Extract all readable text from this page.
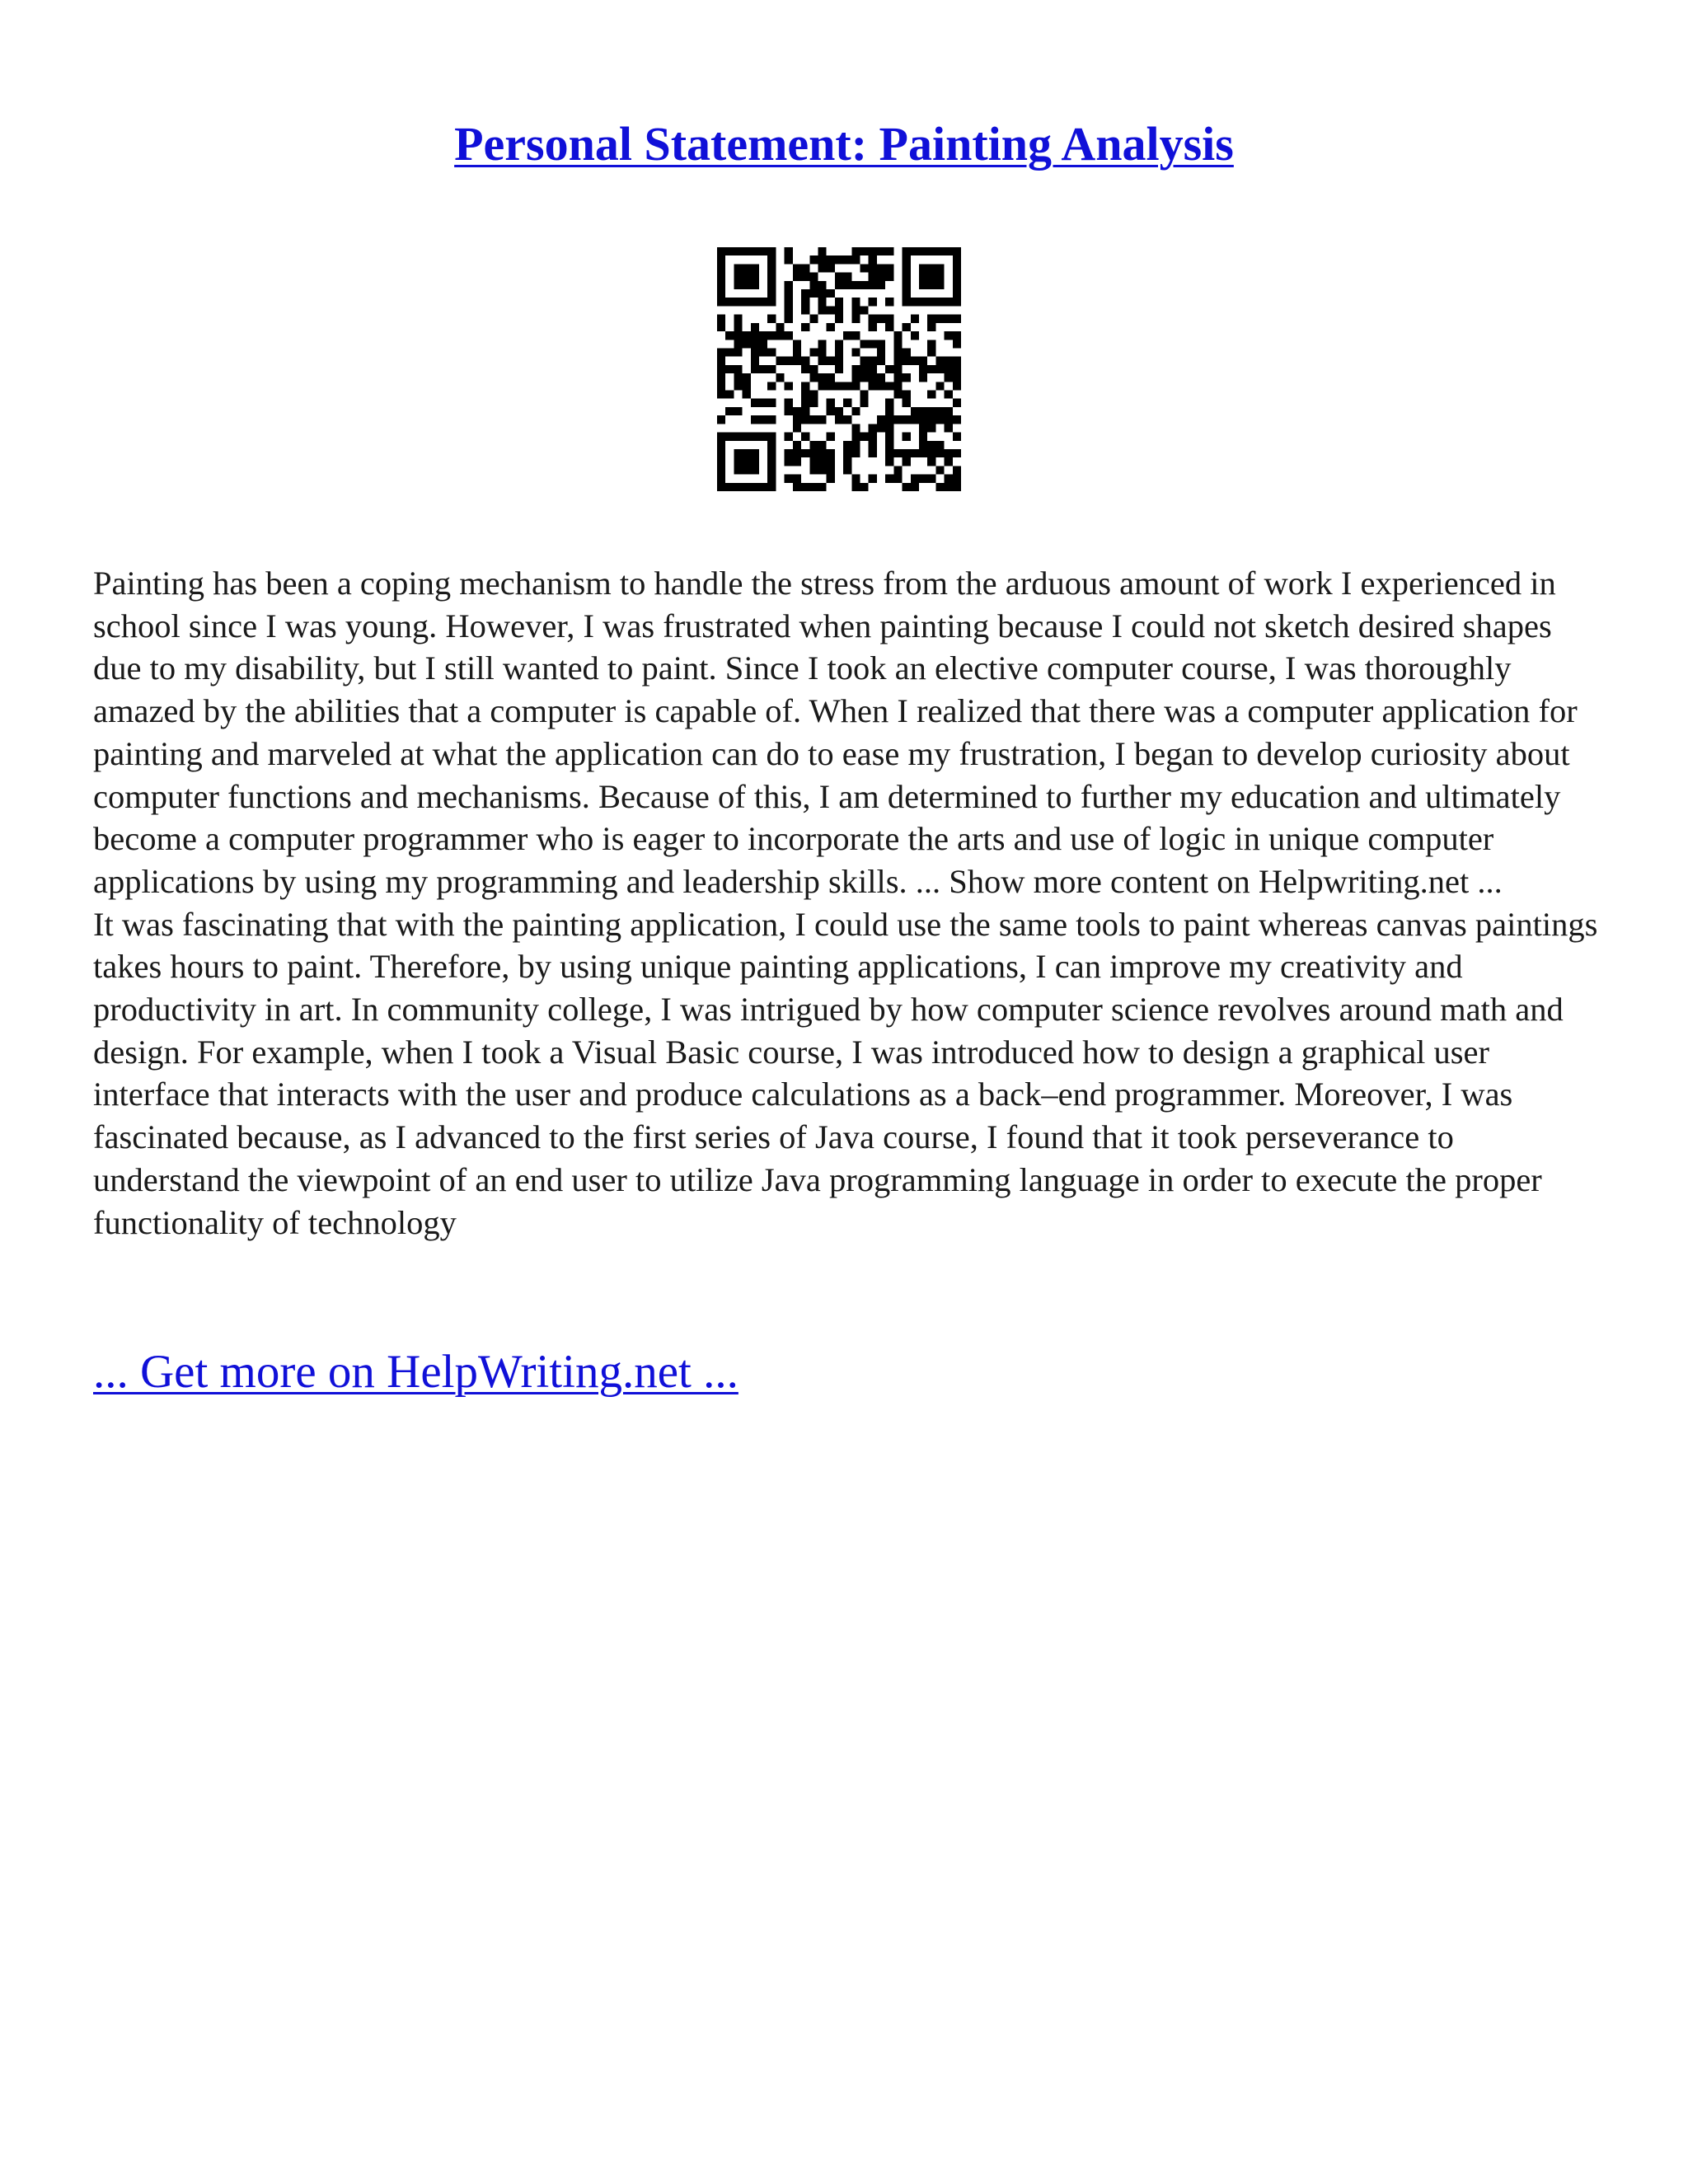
Personal Statement: Painting Analysis

Painting has been a coping mechanism to handle the stress from the arduous amount of work I experienced in school since I was young. However, I was frustrated when painting because I could not sketch desired shapes due to my disability, but I still wanted to paint. Since I took an elective computer course, I was thoroughly amazed by the abilities that a computer is capable of. When I realized that there was a computer application for painting and marveled at what the application can do to ease my frustration, I began to develop curiosity about computer functions and mechanisms. Because of this, I am determined to further my education and ultimately become a computer programmer who is eager to incorporate the arts and use of logic in unique computer applications by using my programming and leadership skills. ... Show more content on Helpwriting.net ...

It was fascinating that with the painting application, I could use the same tools to paint whereas canvas paintings takes hours to paint. Therefore, by using unique painting applications, I can improve my creativity and productivity in art. In community college, I was intrigued by how computer science revolves around math and design. For example, when I took a Visual Basic course, I was introduced how to design a graphical user interface that interacts with the user and produce calculations as a back–end programmer. Moreover, I was fascinated because, as I advanced to the first series of Java course, I found that it took perseverance to understand the viewpoint of an end user to utilize Java programming language in order to execute the proper functionality of technology

... Get more on HelpWriting.net ...
